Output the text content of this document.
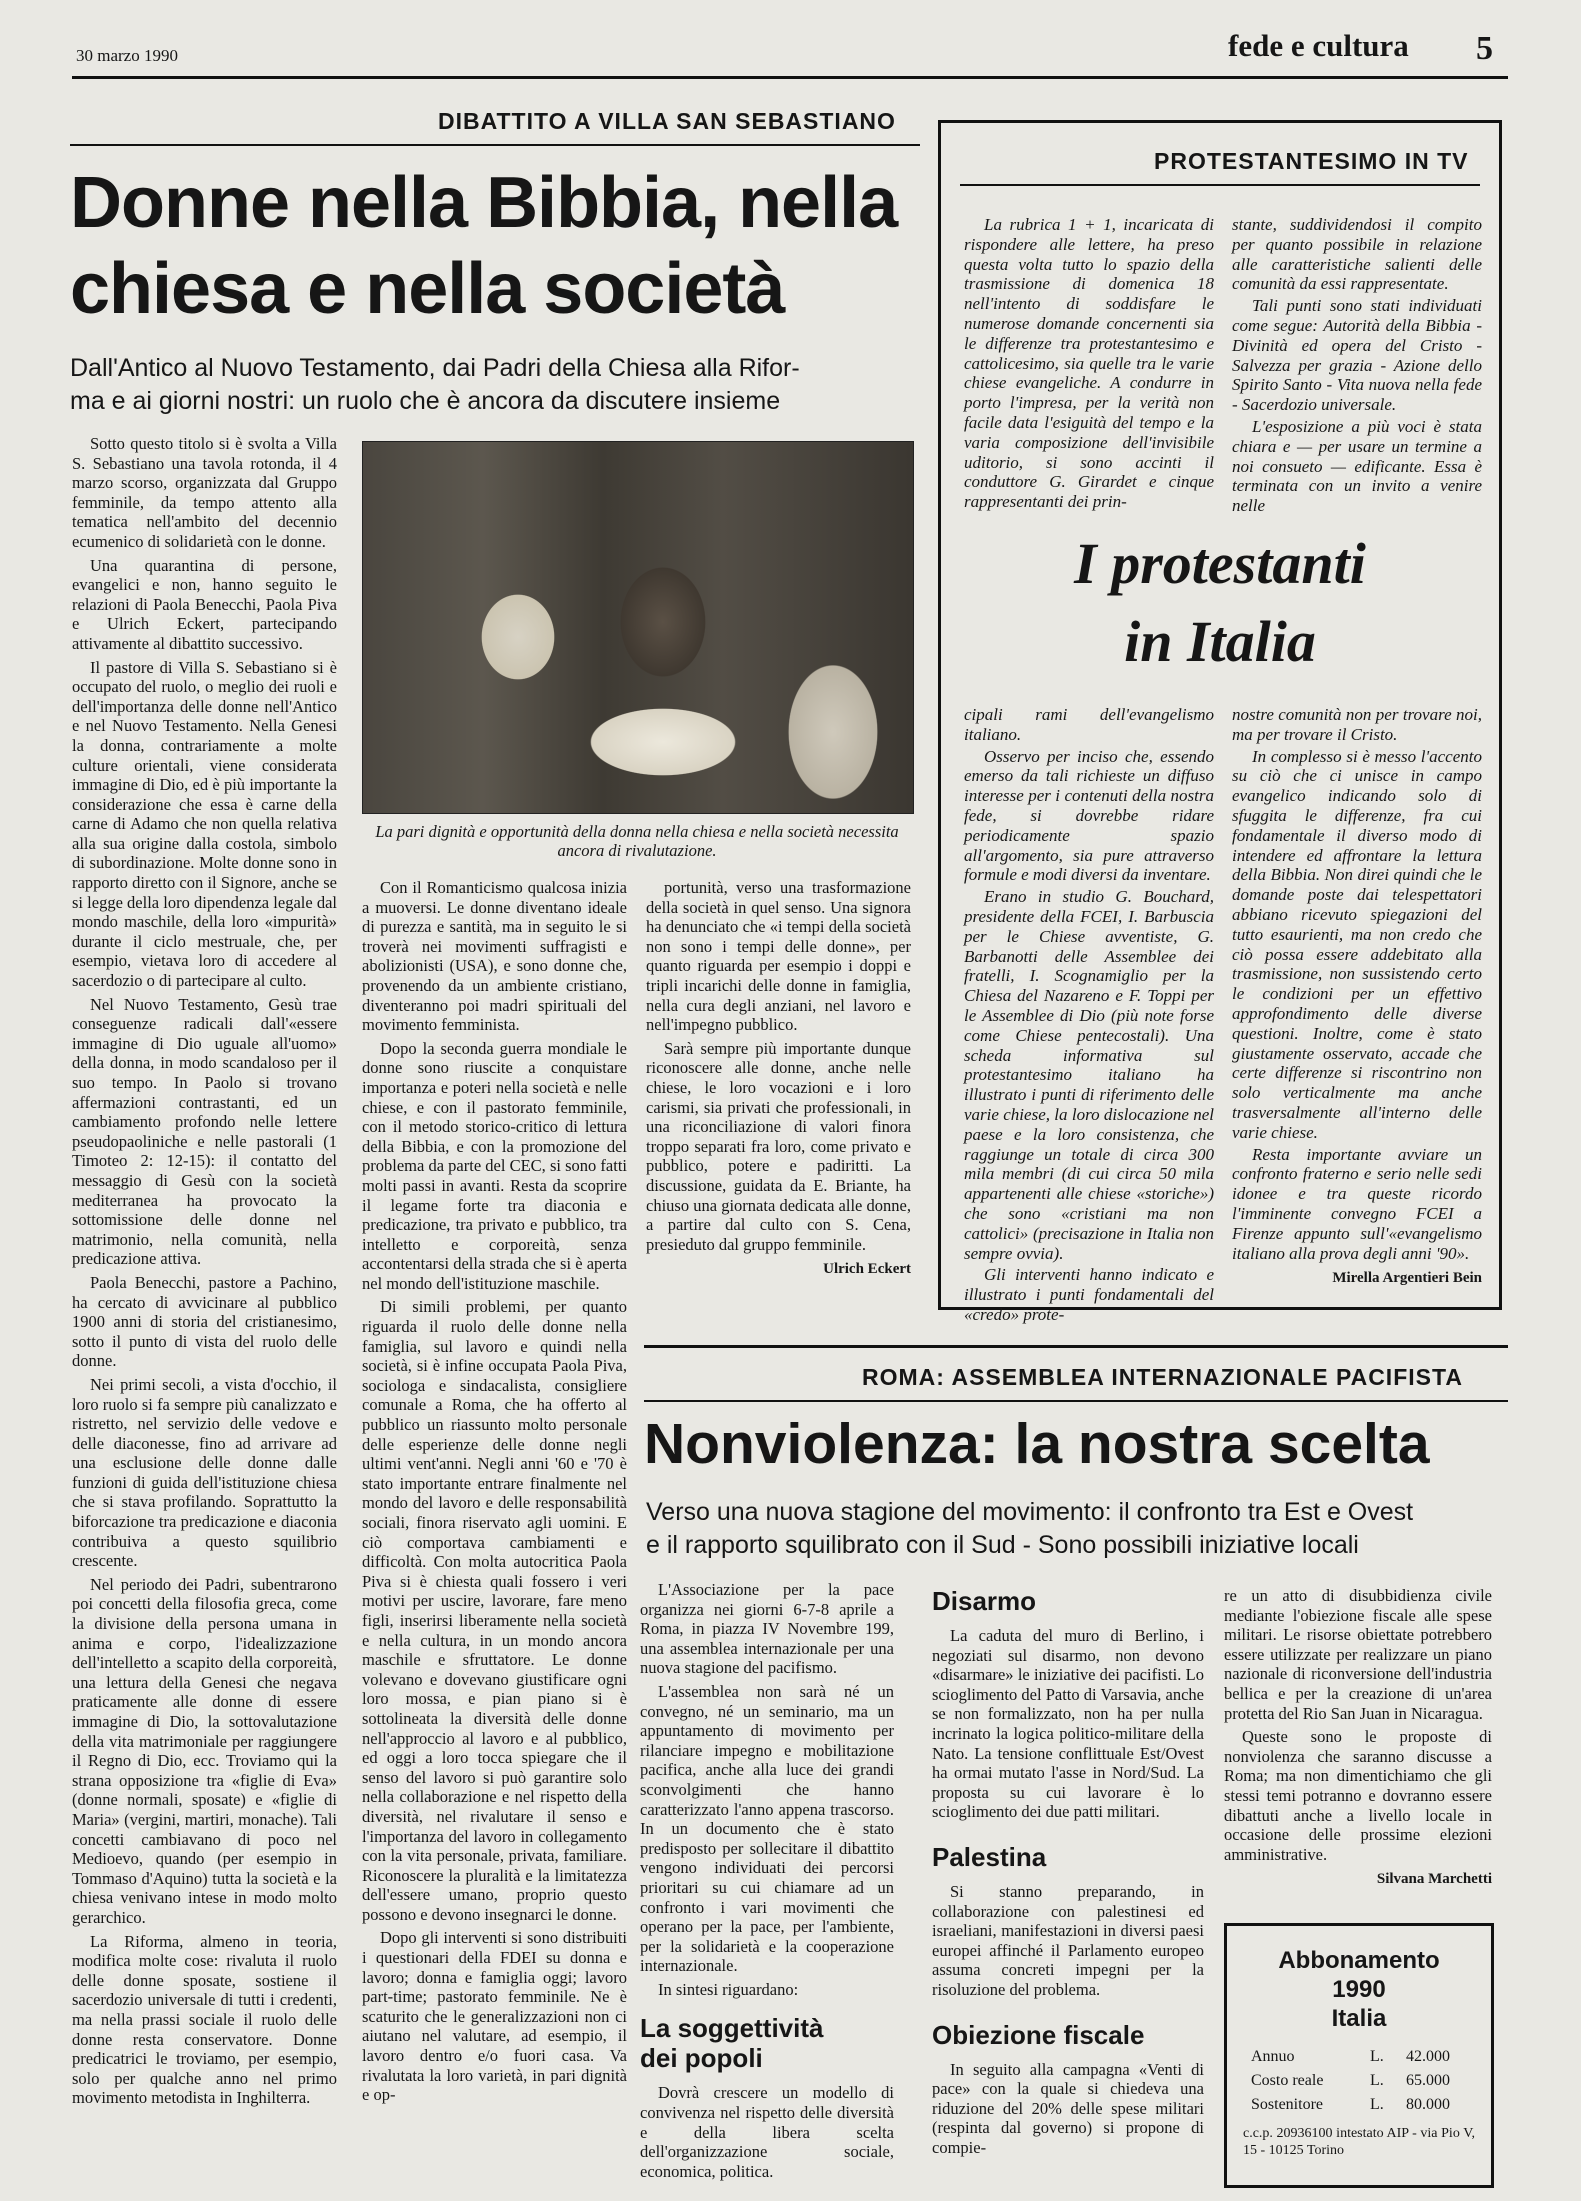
30 marzo 1990	fede e cultura 5
DIBATTITO A VILLA SAN SEBASTIANO
Donne nella Bibbia, nella
chiesa e nella società
Dall'Antico al Nuovo Testamento, dai Padri della Chiesa alla Rifor-
ma e ai giorni nostri: un ruolo che è ancora da discutere insieme

Sotto questo titolo si è svolta a Villa S. Sebastiano una tavola rotonda, il 4 marzo scorso, organizzata dal Gruppo femminile, da tempo attento alla tematica nell'ambito del decennio ecumenico di solidarietà con le donne.

Una quarantina di persone, evangelici e non, hanno seguito le relazioni di Paola Benecchi, Paola Piva e Ulrich Eckert, partecipando attivamente al dibattito successivo.

Il pastore di Villa S. Sebastiano si è occupato del ruolo, o meglio dei ruoli e dell'importanza delle donne nell'Antico e nel Nuovo Testamento. Nella Genesi la donna, contrariamente a molte culture orientali, viene considerata immagine di Dio, ed è più importante la considerazione che essa è carne della carne di Adamo che non quella relativa alla sua origine dalla costola, simbolo di subordinazione. Molte donne sono in rapporto diretto con il Signore, anche se si legge della loro dipendenza legale dal mondo maschile, della loro «impurità» durante il ciclo mestruale, che, per esempio, vietava loro di accedere al sacerdozio o di partecipare al culto.

Nel Nuovo Testamento, Gesù trae conseguenze radicali dall'«essere immagine di Dio uguale all'uomo» della donna, in modo scandaloso per il suo tempo. In Paolo si trovano affermazioni contrastanti, ed un cambiamento profondo nelle lettere pseudopaoliniche e nelle pastorali (1 Timoteo 2: 12-15): il contatto del messaggio di Gesù con la società mediterranea ha provocato la sottomissione delle donne nel matrimonio, nella comunità, nella predicazione attiva.

Paola Benecchi, pastore a Pachino, ha cercato di avvicinare al pubblico 1900 anni di storia del cristianesimo, sotto il punto di vista del ruolo delle donne.

Nei primi secoli, a vista d'occhio, il loro ruolo si fa sempre più canalizzato e ristretto, nel servizio delle vedove e delle diaconesse, fino ad arrivare ad una esclusione delle donne dalle funzioni di guida dell'istituzione chiesa che si stava profilando. Soprattutto la biforcazione tra predicazione e diaconia contribuiva a questo squilibrio crescente.

Nel periodo dei Padri, subentrarono poi concetti della filosofia greca, come la divisione della persona umana in anima e corpo, l'idealizzazione dell'intelletto a scapito della corporeità, una lettura della Genesi che negava praticamente alle donne di essere immagine di Dio, la sottovalutazione della vita matrimoniale per raggiungere il Regno di Dio, ecc. Troviamo qui la strana opposizione tra «figlie di Eva» (donne normali, sposate) e «figlie di Maria» (vergini, martiri, monache). Tali concetti cambiavano di poco nel Medioevo, quando (per esempio in Tommaso d'Aquino) tutta la società e la chiesa venivano intese in modo molto gerarchico.

La Riforma, almeno in teoria, modifica molte cose: rivaluta il ruolo delle donne sposate, sostiene il sacerdozio universale di tutti i credenti, ma nella prassi sociale il ruolo delle donne resta conservatore. Donne predicatrici le troviamo, per esempio, solo per qualche anno nel primo movimento metodista in Inghilterra.

La pari dignità e opportunità della donna nella chiesa e nella società necessita ancora di rivalutazione.

Con il Romanticismo qualcosa inizia a muoversi. Le donne diventano ideale di purezza e santità, ma in seguito le si troverà nei movimenti suffragisti e abolizionisti (USA), e sono donne che, provenendo da un ambiente cristiano, diventeranno poi madri spirituali del movimento femminista.

Dopo la seconda guerra mondiale le donne sono riuscite a conquistare importanza e poteri nella società e nelle chiese, e con il pastorato femminile, con il metodo storico-critico di lettura della Bibbia, e con la promozione del problema da parte del CEC, si sono fatti molti passi in avanti. Resta da scoprire il legame forte tra diaconia e predicazione, tra privato e pubblico, tra intelletto e corporeità, senza accontentarsi della strada che si è aperta nel mondo dell'istituzione maschile.

Di simili problemi, per quanto riguarda il ruolo delle donne nella famiglia, sul lavoro e quindi nella società, si è infine occupata Paola Piva, sociologa e sindacalista, consigliere comunale a Roma, che ha offerto al pubblico un riassunto molto personale delle esperienze delle donne negli ultimi vent'anni. Negli anni '60 e '70 è stato importante entrare finalmente nel mondo del lavoro e delle responsabilità sociali, finora riservato agli uomini. E ciò comportava cambiamenti e difficoltà. Con molta autocritica Paola Piva si è chiesta quali fossero i veri motivi per uscire, lavorare, fare meno figli, inserirsi liberamente nella società e nella cultura, in un mondo ancora maschile e sfruttatore. Le donne volevano e dovevano giustificare ogni loro mossa, e pian piano si è sottolineata la diversità delle donne nell'approccio al lavoro e al pubblico, ed oggi a loro tocca spiegare che il senso del lavoro si può garantire solo nella collaborazione e nel rispetto della diversità, nel rivalutare il senso e l'importanza del lavoro in collegamento con la vita personale, privata, familiare. Riconoscere la pluralità e la limitatezza dell'essere umano, proprio questo possono e devono insegnarci le donne.

Dopo gli interventi si sono distribuiti i questionari della FDEI su donna e lavoro; donna e famiglia oggi; lavoro part-time; pastorato femminile. Ne è scaturito che le generalizzazioni non ci aiutano nel valutare, ad esempio, il lavoro dentro e/o fuori casa. Va rivalutata la loro varietà, in pari dignità e op-

portunità, verso una trasformazione della società in quel senso. Una signora ha denunciato che «i tempi della società non sono i tempi delle donne», per quanto riguarda per esempio i doppi e tripli incarichi delle donne in famiglia, nella cura degli anziani, nel lavoro e nell'impegno pubblico.

Sarà sempre più importante dunque riconoscere alle donne, anche nelle chiese, le loro vocazioni e i loro carismi, sia privati che professionali, in una riconciliazione di valori finora troppo separati fra loro, come privato e pubblico, potere e padiritti. La discussione, guidata da E. Briante, ha chiuso una giornata dedicata alle donne, a partire dal culto con S. Cena, presieduto dal gruppo femminile.

Ulrich Eckert
PROTESTANTESIMO IN TV

La rubrica 1 + 1, incaricata di rispondere alle lettere, ha preso questa volta tutto lo spazio della trasmissione di domenica 18 nell'intento di soddisfare le numerose domande concernenti sia le differenze tra protestantesimo e cattolicesimo, sia quelle tra le varie chiese evangeliche. A condurre in porto l'impresa, per la verità non facile data l'esiguità del tempo e la varia composizione dell'invisibile uditorio, si sono accinti il conduttore G. Girardet e cinque rappresentanti dei prin-

stante, suddividendosi il compito per quanto possibile in relazione alle caratteristiche salienti delle comunità da essi rappresentate.

Tali punti sono stati individuati come segue: Autorità della Bibbia - Divinità ed opera del Cristo - Salvezza per grazia - Azione dello Spirito Santo - Vita nuova nella fede - Sacerdozio universale.

L'esposizione a più voci è stata chiara e — per usare un termine a noi consueto — edificante. Essa è terminata con un invito a venire nelle

I protestanti
in Italia

cipali rami dell'evangelismo italiano.

Osservo per inciso che, essendo emerso da tali richieste un diffuso interesse per i contenuti della nostra fede, si dovrebbe ridare periodicamente spazio all'argomento, sia pure attraverso formule e modi diversi da inventare.

Erano in studio G. Bouchard, presidente della FCEI, I. Barbuscia per le Chiese avventiste, G. Barbanotti delle Assemblee dei fratelli, I. Scognamiglio per la Chiesa del Nazareno e F. Toppi per le Assemblee di Dio (più note forse come Chiese pentecostali). Una scheda informativa sul protestantesimo italiano ha illustrato i punti di riferimento delle varie chiese, la loro dislocazione nel paese e la loro consistenza, che raggiunge un totale di circa 300 mila membri (di cui circa 50 mila appartenenti alle chiese «storiche») che sono «cristiani ma non cattolici» (precisazione in Italia non sempre ovvia).

Gli interventi hanno indicato e illustrato i punti fondamentali del «credo» prote-

nostre comunità non per trovare noi, ma per trovare il Cristo.

In complesso si è messo l'accento su ciò che ci unisce in campo evangelico indicando solo di sfuggita le differenze, fra cui fondamentale il diverso modo di intendere ed affrontare la lettura della Bibbia. Non direi quindi che le domande poste dai telespettatori abbiano ricevuto spiegazioni del tutto esaurienti, ma non credo che ciò possa essere addebitato alla trasmissione, non sussistendo certo le condizioni per un effettivo approfondimento delle diverse questioni. Inoltre, come è stato giustamente osservato, accade che certe differenze si riscontrino non solo verticalmente ma anche trasversalmente all'interno delle varie chiese.

Resta importante avviare un confronto fraterno e serio nelle sedi idonee e tra queste ricordo l'imminente convegno FCEI a Firenze appunto sull'«evangelismo italiano alla prova degli anni '90».

Mirella Argentieri Bein
ROMA: ASSEMBLEA INTERNAZIONALE PACIFISTA
Nonviolenza: la nostra scelta
Verso una nuova stagione del movimento: il confronto tra Est e Ovest
e il rapporto squilibrato con il Sud - Sono possibili iniziative locali

L'Associazione per la pace organizza nei giorni 6-7-8 aprile a Roma, in piazza IV Novembre 199, una assemblea internazionale per una nuova stagione del pacifismo.

L'assemblea non sarà né un convegno, né un seminario, ma un appuntamento di movimento per rilanciare impegno e mobilitazione pacifica, anche alla luce dei grandi sconvolgimenti che hanno caratterizzato l'anno appena trascorso. In un documento che è stato predisposto per sollecitare il dibattito vengono individuati dei percorsi prioritari su cui chiamare ad un confronto i vari movimenti che operano per la pace, per l'ambiente, per la solidarietà e la cooperazione internazionale.

In sintesi riguardano:

La soggettività
dei popoli

Dovrà crescere un modello di convivenza nel rispetto delle diversità e della libera scelta dell'organizzazione sociale, economica, politica.

Disarmo

La caduta del muro di Berlino, i negoziati sul disarmo, non devono «disarmare» le iniziative dei pacifisti. Lo scioglimento del Patto di Varsavia, anche se non formalizzato, non ha per nulla incrinato la logica politico-militare della Nato. La tensione conflittuale Est/Ovest ha ormai mutato l'asse in Nord/Sud. La proposta su cui lavorare è lo scioglimento dei due patti militari.

Palestina

Si stanno preparando, in collaborazione con palestinesi ed israeliani, manifestazioni in diversi paesi europei affinché il Parlamento europeo assuma concreti impegni per la risoluzione del problema.

Obiezione fiscale

In seguito alla campagna «Venti di pace» con la quale si chiedeva una riduzione del 20% delle spese militari (respinta dal governo) si propone di compie-

re un atto di disubbidienza civile mediante l'obiezione fiscale alle spese militari. Le risorse obiettate potrebbero essere utilizzate per realizzare un piano nazionale di riconversione dell'industria bellica e per la creazione di un'area protetta del Rio San Juan in Nicaragua.

Queste sono le proposte di nonviolenza che saranno discusse a Roma; ma non dimentichiamo che gli stessi temi potranno e dovranno essere dibattuti anche a livello locale in occasione delle prossime elezioni amministrative.

Silvana Marchetti
Abbonamento
1990
Italia
Annuo	L.	42.000
Costo reale	L.	65.000
Sostenitore	L.	80.000
c.c.p. 20936100 intestato AIP - via Pio V, 15 - 10125 Torino
